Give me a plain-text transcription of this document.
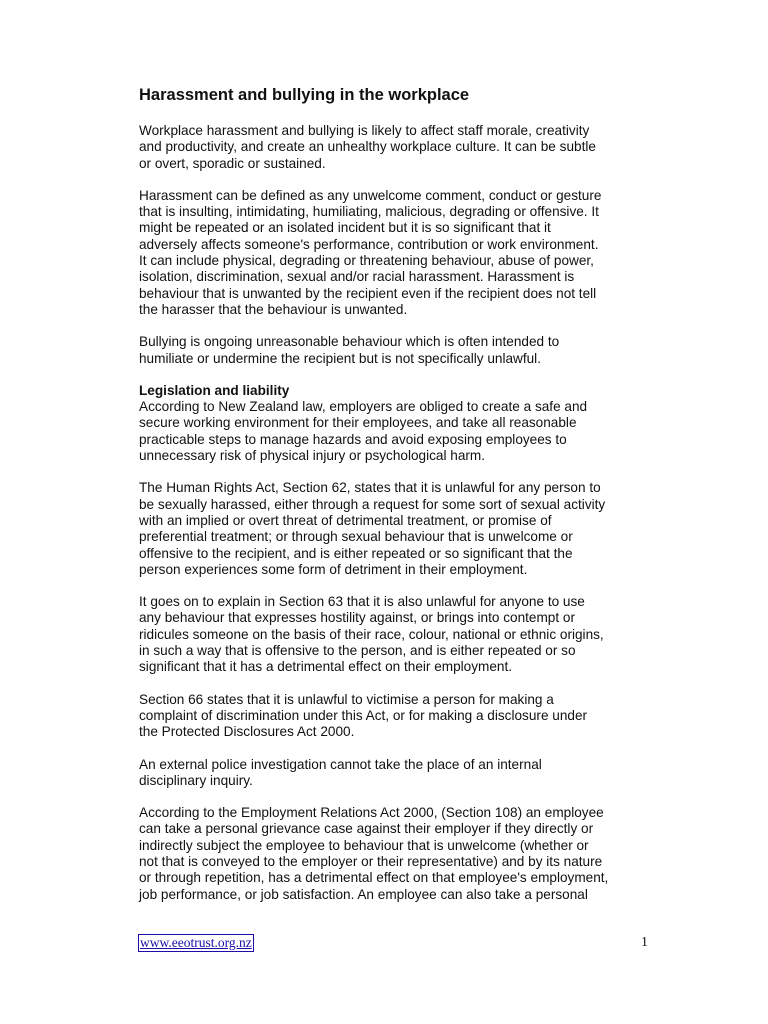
Harassment and bullying in the workplace
Workplace harassment and bullying is likely to affect staff morale, creativity
and productivity, and create an unhealthy workplace culture. It can be subtle
or overt, sporadic or sustained.
Harassment can be defined as any unwelcome comment, conduct or gesture
that is insulting, intimidating, humiliating, malicious, degrading or offensive. It
might be repeated or an isolated incident but it is so significant that it
adversely affects someone's performance, contribution or work environment.
It can include physical, degrading or threatening behaviour, abuse of power,
isolation, discrimination, sexual and/or racial harassment. Harassment is
behaviour that is unwanted by the recipient even if the recipient does not tell
the harasser that the behaviour is unwanted.
Bullying is ongoing unreasonable behaviour which is often intended to
humiliate or undermine the recipient but is not specifically unlawful.
Legislation and liability
According to New Zealand law, employers are obliged to create a safe and
secure working environment for their employees, and take all reasonable
practicable steps to manage hazards and avoid exposing employees to
unnecessary risk of physical injury or psychological harm.
The Human Rights Act, Section 62, states that it is unlawful for any person to
be sexually harassed, either through a request for some sort of sexual activity
with an implied or overt threat of detrimental treatment, or promise of
preferential treatment; or through sexual behaviour that is unwelcome or
offensive to the recipient, and is either repeated or so significant that the
person experiences some form of detriment in their employment.
It goes on to explain in Section 63 that it is also unlawful for anyone to use
any behaviour that expresses hostility against, or brings into contempt or
ridicules someone on the basis of their race, colour, national or ethnic origins,
in such a way that is offensive to the person, and is either repeated or so
significant that it has a detrimental effect on their employment.
Section 66 states that it is unlawful to victimise a person for making a
complaint of discrimination under this Act, or for making a disclosure under
the Protected Disclosures Act 2000.
An external police investigation cannot take the place of an internal
disciplinary inquiry.
According to the Employment Relations Act 2000, (Section 108) an employee
can take a personal grievance case against their employer if they directly or
indirectly subject the employee to behaviour that is unwelcome (whether or
not that is conveyed to the employer or their representative) and by its nature
or through repetition, has a detrimental effect on that employee's employment,
job performance, or job satisfaction. An employee can also take a personal
www.eeotrust.org.nz	1
